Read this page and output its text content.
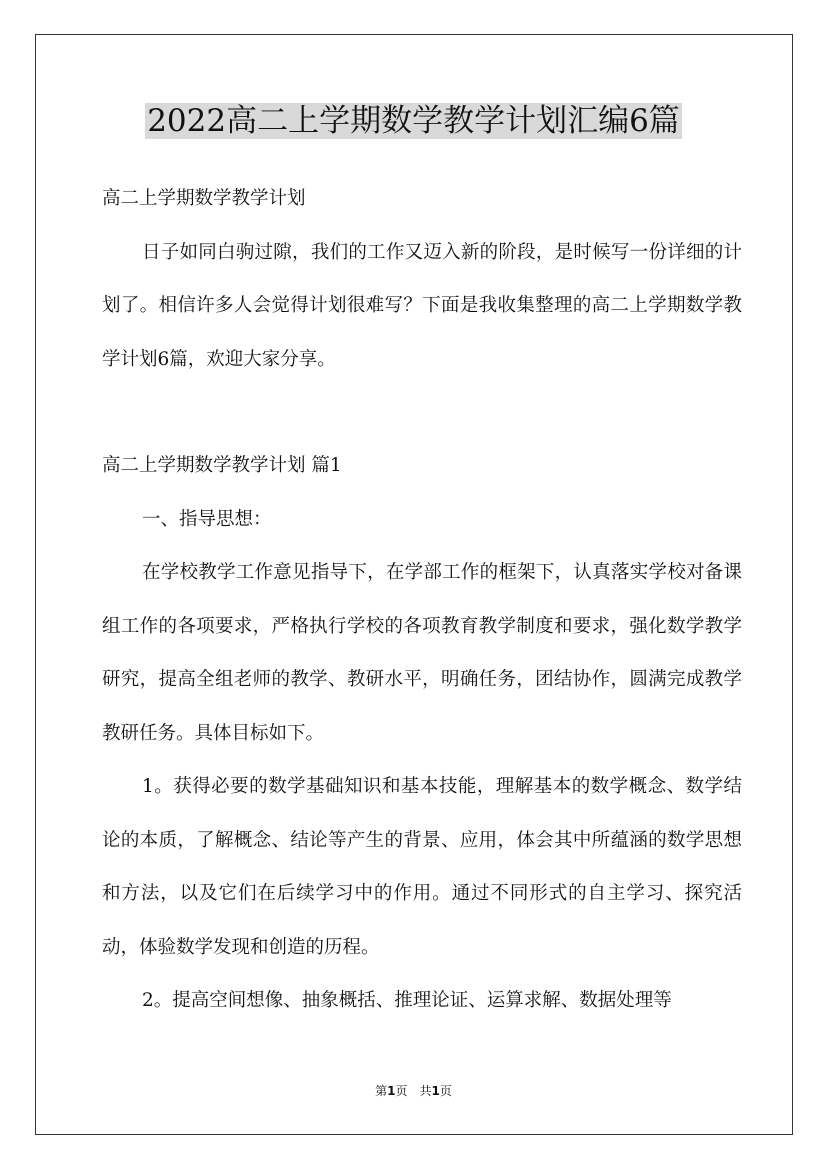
2022高二上学期数学教学计划汇编6篇

高二上学期数学教学计划

日子如同白驹过隙，我们的工作又迈入新的阶段，是时候写一份详细的计划了。相信许多人会觉得计划很难写？下面是我收集整理的高二上学期数学教学计划6篇，欢迎大家分享。

高二上学期数学教学计划 篇1

一、指导思想：

在学校教学工作意见指导下，在学部工作的框架下，认真落实学校对备课组工作的各项要求，严格执行学校的各项教育教学制度和要求，强化数学教学研究，提高全组老师的教学、教研水平，明确任务，团结协作，圆满完成教学教研任务。具体目标如下。

1。获得必要的数学基础知识和基本技能，理解基本的数学概念、数学结论的本质，了解概念、结论等产生的背景、应用，体会其中所蕴涵的数学思想和方法，以及它们在后续学习中的作用。通过不同形式的自主学习、探究活动，体验数学发现和创造的历程。

2。提高空间想像、抽象概括、推理论证、运算求解、数据处理等

第1页　共1页
